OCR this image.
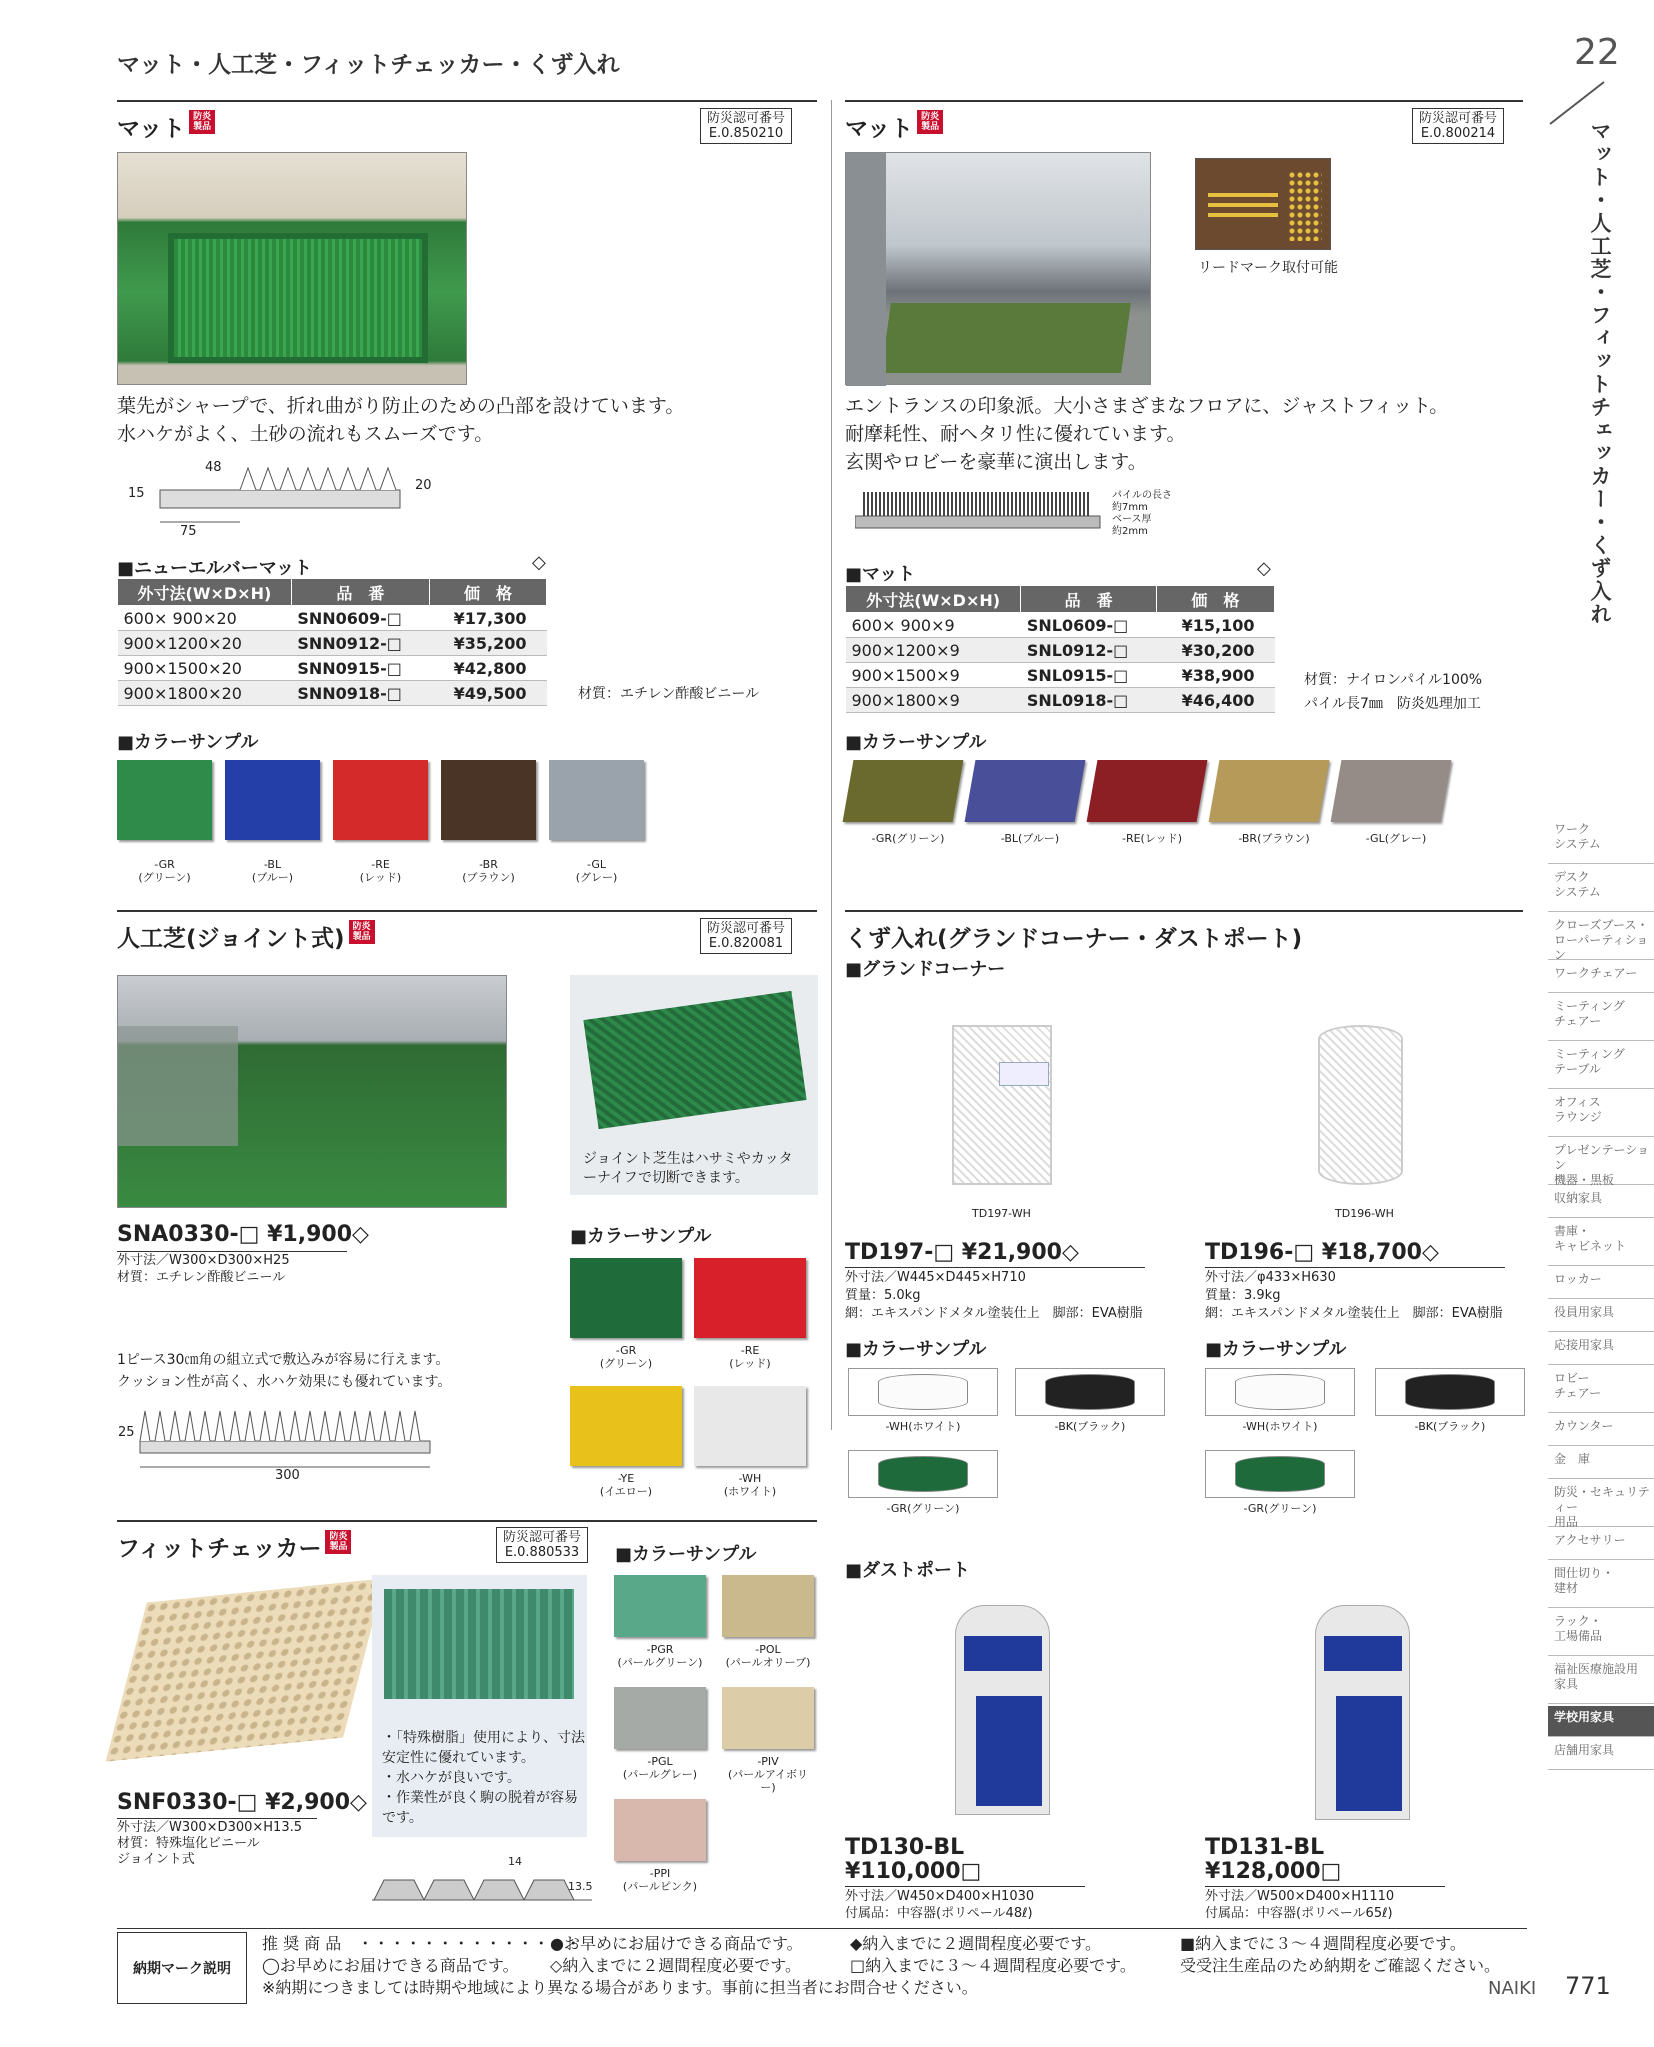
マット・人工芝・フィットチェッカー・くず入れ	22
マット・人工芝・フィットチェッカー・くず入れ
マット 防炎製品
防災認可番号
E.0.850210
葉先がシャープで、折れ曲がり防止のための凸部を設けています。
水ハケがよく、土砂の流れもスムーズです。
48
15
20
75
■ニューエルバーマット	◇
外寸法(W×D×H)	品　番	価　格
600× 900×20	SNN0609-□	¥17,300
900×1200×20	SNN0912-□	¥35,200
900×1500×20	SNN0915-□	¥42,800
900×1800×20	SNN0918-□	¥49,500	材質：エチレン酢酸ビニール
■カラーサンプル
-GR
(グリーン)
-BL
(ブルー)
-RE
(レッド)
-BR
(ブラウン)
-GL
(グレー)
マット 防炎製品
防災認可番号
E.0.800214
リードマーク取付可能
エントランスの印象派。大小さまざまなフロアに、ジャストフィット。
耐摩耗性、耐ヘタリ性に優れています。
玄関やロビーを豪華に演出します。
パイルの長さ
約7mm
ベース厚
約2mm
■マット	◇
外寸法(W×D×H)	品　番	価　格
600× 900×9	SNL0609-□	¥15,100
900×1200×9	SNL0912-□	¥30,200
900×1500×9	SNL0915-□	¥38,900
900×1800×9	SNL0918-□	¥46,400
材質：ナイロンパイル100%
パイル長7㎜　防炎処理加工
■カラーサンプル
-GR(グリーン)	-BL(ブルー)	-RE(レッド)	-BR(ブラウン)	-GL(グレー)
人工芝(ジョイント式) 防炎製品
防災認可番号
E.0.820081
ジョイント芝生はハサミやカッターナイフで切断できます。
SNA0330-□ ¥1,900◇
外寸法／W300×D300×H25
材質：エチレン酢酸ビニール
1ピース30㎝角の組立式で敷込みが容易に行えます。
クッション性が高く、水ハケ効果にも優れています。
25
300
■カラーサンプル
-GR
(グリーン)
-RE
(レッド)
-YE
(イエロー)
-WH
(ホワイト)
フィットチェッカー 防炎製品
防災認可番号
E.0.880533
・「特殊樹脂」使用により、寸法安定性に優れています。
・水ハケが良いです。
・作業性が良く駒の脱着が容易です。
SNF0330-□ ¥2,900◇
外寸法／W300×D300×H13.5
材質：特殊塩化ビニール
ジョイント式	14
13.5
■カラーサンプル
-PGR
(パールグリーン)
-POL
(パールオリーブ)
-PGL
(パールグレー)
-PIV
(パールアイボリー)
-PPI
(パールピンク)
くず入れ(グランドコーナー・ダストポート)
■グランドコーナー
TD197-WH	TD196-WH
TD197-□ ¥21,900◇
外寸法／W445×D445×H710
質量：5.0kg
網：エキスパンドメタル塗装仕上　脚部：EVA樹脂
TD196-□ ¥18,700◇
外寸法／φ433×H630
質量：3.9kg
網：エキスパンドメタル塗装仕上　脚部：EVA樹脂
■カラーサンプル	■カラーサンプル
-WH(ホワイト)	-BK(ブラック)
-GR(グリーン)
-WH(ホワイト)	-BK(ブラック)
-GR(グリーン)
■ダストポート
TD130-BL
¥110,000□
外寸法／W450×D400×H1030
付属品：中容器(ポリペール48ℓ)
TD131-BL
¥128,000□
外寸法／W500×D400×H1110
付属品：中容器(ポリペール65ℓ)
ワーク
システム
デスク
システム
クローズブース・
ローパーティション
ワークチェアー
ミーティング
チェアー
ミーティング
テーブル
オフィス
ラウンジ
プレゼンテーション
機器・黒板
収納家具
書庫・
キャビネット
ロッカー
役員用家具
応接用家具
ロビー
チェアー
カウンター
金　庫
防災・セキュリティー
用品
アクセサリー
間仕切り・
建材
ラック・
工場備品
福祉医療施設用
家具
学校用家具
店舗用家具
納期マーク説明
推 奨 商 品　・・・・・・・・・・・・・・
●お早めにお届けできる商品です。	◆納入までに２週間程度必要です。	■納入までに３～４週間程度必要です。
◯お早めにお届けできる商品です。 ◇納入までに２週間程度必要です。	□納入までに３～４週間程度必要です。	受受注生産品のため納期をご確認ください。
※納期につきましては時期や地域により異なる場合があります。事前に担当者にお問合せください。	NAIKI 771
